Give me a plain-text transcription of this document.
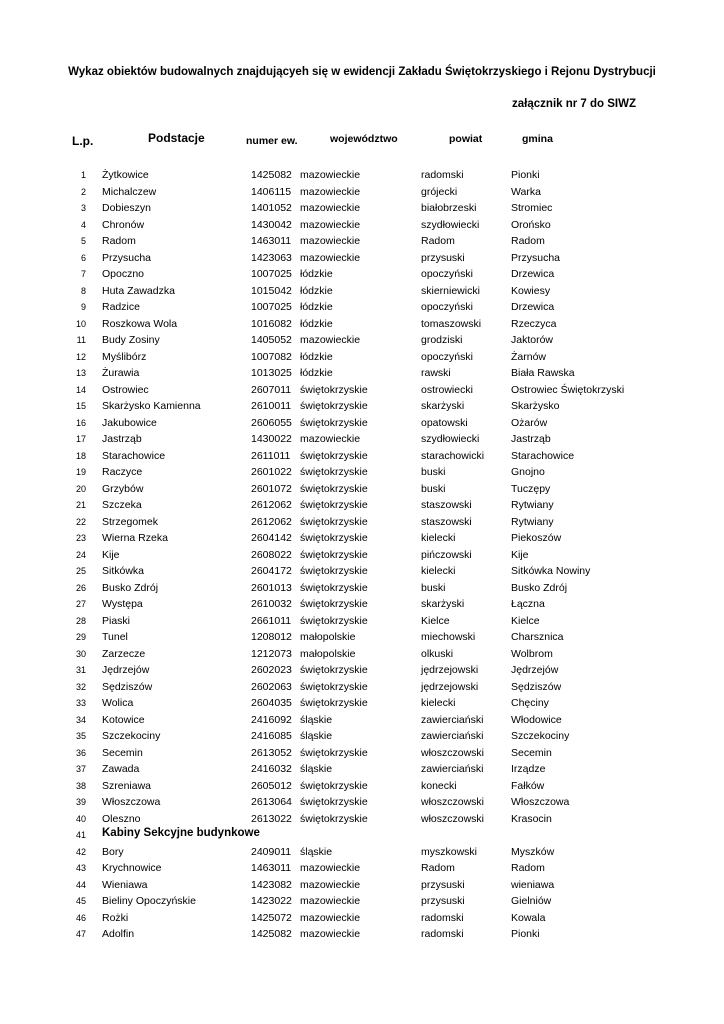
Wykaz obiektów budowalnych znajdującyeh się w ewidencji Zakładu Świętokrzyskiego i Rejonu Dystrybucji
załącznik nr 7 do SIWZ
L.p.	Podstacje	numer ew.	województwo	powiat	gmina
1 Żytkowice	1425082 mazowieckie	radomski	Pionki
2 Michalczew	1406115 mazowieckie	grójecki	Warka
3 Dobieszyn	1401052 mazowieckie	białobrzeski	Stromiec
4 Chronów	1430042 mazowieckie	szydłowiecki	Orońsko
5 Radom	1463011 mazowieckie	Radom	Radom
6 Przysucha	1423063 mazowieckie	przysuski	Przysucha
7 Opoczno	1007025 łódzkie	opoczyński	Drzewica
8 Huta Zawadzka	1015042 łódzkie	skierniewicki	Kowiesy
9 Radzice	1007025 łódzkie	opoczyński	Drzewica
10 Roszkowa Wola	1016082 łódzkie	tomaszowski	Rzeczyca
11 Budy Zosiny	1405052 mazowieckie	grodziski	Jaktorów
12 Myślibórz	1007082 łódzkie	opoczyński	Żarnów
13 Żurawia	1013025 łódzkie	rawski	Biała Rawska
14 Ostrowiec	2607011 świętokrzyskie	ostrowiecki	Ostrowiec Świętokrzyski
15 Skarżysko Kamienna	2610011 świętokrzyskie	skarżyski	Skarżysko
16 Jakubowice	2606055 świętokrzyskie	opatowski	Ożarów
17 Jastrząb	1430022 mazowieckie	szydłowiecki	Jastrząb
18 Starachowice	2611011 świętokrzyskie	starachowicki	Starachowice
19 Raczyce	2601022 świętokrzyskie	buski	Gnojno
20 Grzybów	2601072 świętokrzyskie	buski	Tuczępy
21 Szczeka	2612062 świętokrzyskie	staszowski	Rytwiany
22 Strzegomek	2612062 świętokrzyskie	staszowski	Rytwiany
23 Wierna Rzeka	2604142 świętokrzyskie	kielecki	Piekoszów
24 Kije	2608022 świętokrzyskie	pińczowski	Kije
25 Sitkówka	2604172 świętokrzyskie	kielecki	Sitkówka Nowiny
26 Busko Zdrój	2601013 świętokrzyskie	buski	Busko Zdrój
27 Występa	2610032 świętokrzyskie	skarżyski	Łączna
28 Piaski	2661011 świętokrzyskie	Kielce	Kielce
29 Tunel	1208012 małopolskie	miechowski	Charsznica
30 Zarzecze	1212073 małopolskie	olkuski	Wolbrom
31 Jędrzejów	2602023 świętokrzyskie	jędrzejowski	Jędrzejów
32 Sędziszów	2602063 świętokrzyskie	jędrzejowski	Sędziszów
33 Wolica	2604035 świętokrzyskie	kielecki	Chęciny
34 Kotowice	2416092 śląskie	zawierciański	Włodowice
35 Szczekociny	2416085 śląskie	zawierciański	Szczekociny
36 Secemin	2613052 świętokrzyskie	włoszczowski	Secemin
37 Zawada	2416032 śląskie	zawierciański	Irządze
38 Szreniawa	2605012 świętokrzyskie	konecki	Fałków
39 Włoszczowa	2613064 świętokrzyskie	włoszczowski	Włoszczowa
40 Oleszno	2613022 świętokrzyskie	włoszczowski	Krasocin
41 Kabiny Sekcyjne budynkowe
42 Bory	2409011 śląskie	myszkowski	Myszków
43 Krychnowice	1463011 mazowieckie	Radom	Radom
44 Wieniawa	1423082 mazowieckie	przysuski	wieniawa
45 Bieliny Opoczyńskie	1423022 mazowieckie	przysuski	Gielniów
46 Rożki	1425072 mazowieckie	radomski	Kowala
47 Adolfin	1425082 mazowieckie	radomski	Pionki
